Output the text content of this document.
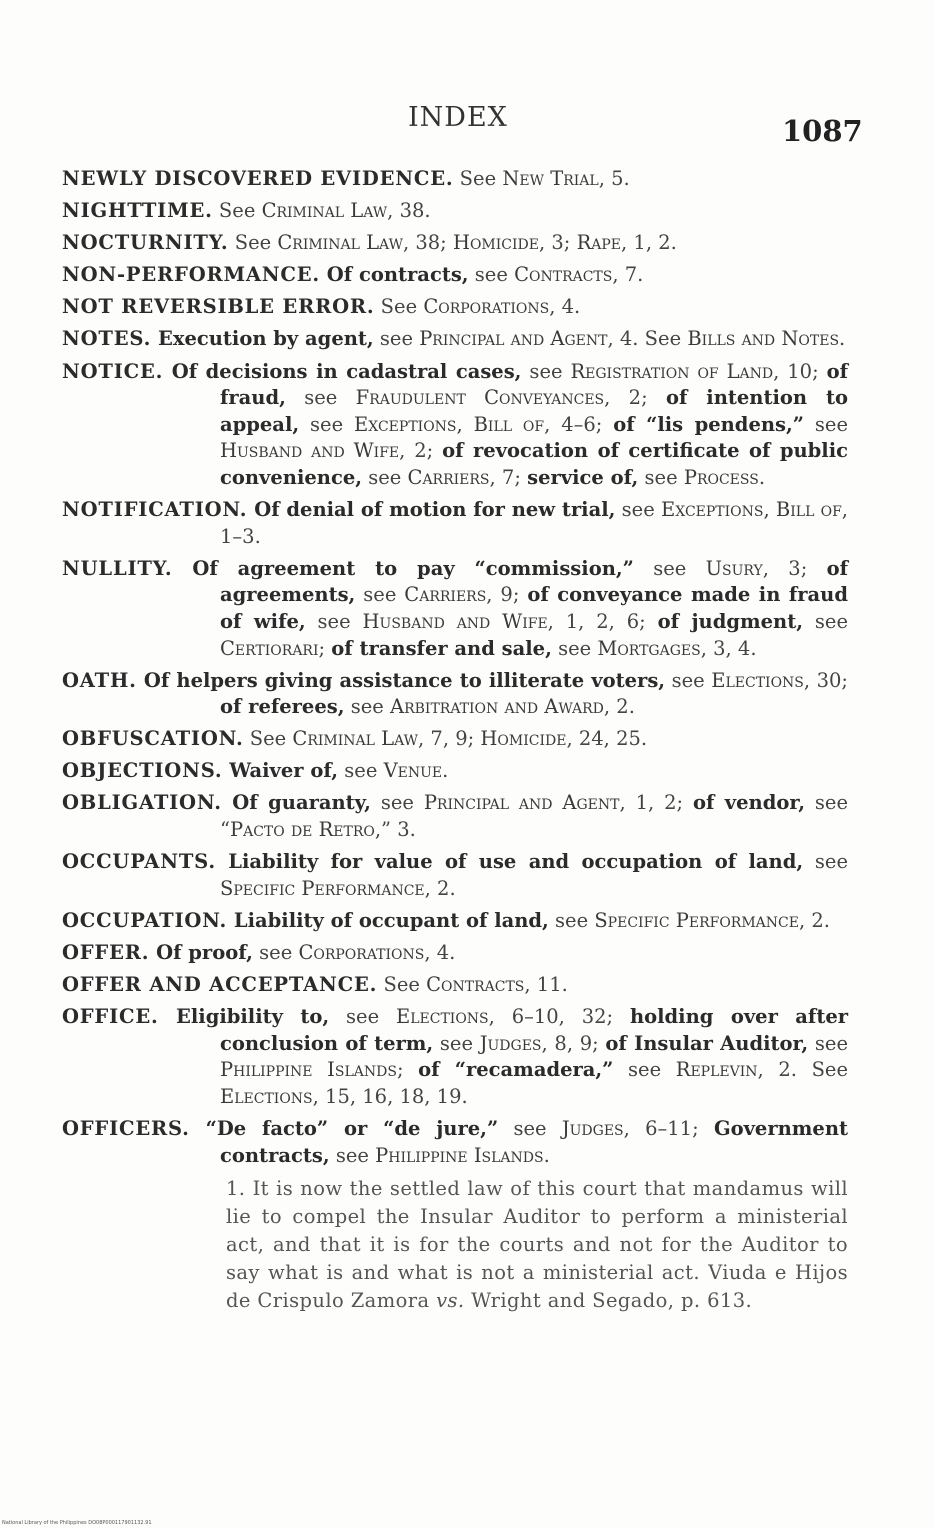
INDEX	1087

NEWLY DISCOVERED EVIDENCE. See New Trial, 5.

NIGHTTIME. See Criminal Law, 38.

NOCTURNITY. See Criminal Law, 38; Homicide, 3; Rape, 1, 2.

NON-PERFORMANCE. Of contracts, see Contracts, 7.

NOT REVERSIBLE ERROR. See Corporations, 4.

NOTES. Execution by agent, see Principal and Agent, 4. See Bills and Notes.

NOTICE. Of decisions in cadastral cases, see Registration of Land, 10; of fraud, see Fraudulent Conveyances, 2; of intention to appeal, see Exceptions, Bill of, 4–6; of “lis pendens,” see Husband and Wife, 2; of revocation of certificate of public convenience, see Carriers, 7; service of, see Process.

NOTIFICATION. Of denial of motion for new trial, see Exceptions, Bill of, 1–3.

NULLITY. Of agreement to pay “commission,” see Usury, 3; of agreements, see Carriers, 9; of conveyance made in fraud of wife, see Husband and Wife, 1, 2, 6; of judgment, see Certiorari; of transfer and sale, see Mortgages, 3, 4.

OATH. Of helpers giving assistance to illiterate voters, see Elections, 30; of referees, see Arbitration and Award, 2.

OBFUSCATION. See Criminal Law, 7, 9; Homicide, 24, 25.

OBJECTIONS. Waiver of, see Venue.

OBLIGATION. Of guaranty, see Principal and Agent, 1, 2; of vendor, see “Pacto de Retro,” 3.

OCCUPANTS. Liability for value of use and occupation of land, see Specific Performance, 2.

OCCUPATION. Liability of occupant of land, see Specific Performance, 2.

OFFER. Of proof, see Corporations, 4.

OFFER AND ACCEPTANCE. See Contracts, 11.

OFFICE. Eligibility to, see Elections, 6–10, 32; holding over after conclusion of term, see Judges, 8, 9; of Insular Auditor, see Philippine Islands; of “recamadera,” see Replevin, 2. See Elections, 15, 16, 18, 19.

OFFICERS. “De facto” or “de jure,” see Judges, 6–11; Government contracts, see Philippine Islands.

1. It is now the settled law of this court that mandamus will lie to compel the Insular Auditor to perform a ministerial act, and that it is for the courts and not for the Auditor to say what is and what is not a ministerial act. Viuda e Hijos de Crispulo Zamora vs. Wright and Segado, p. 613.

National Library of the Philippines DO08P000117901132.91
